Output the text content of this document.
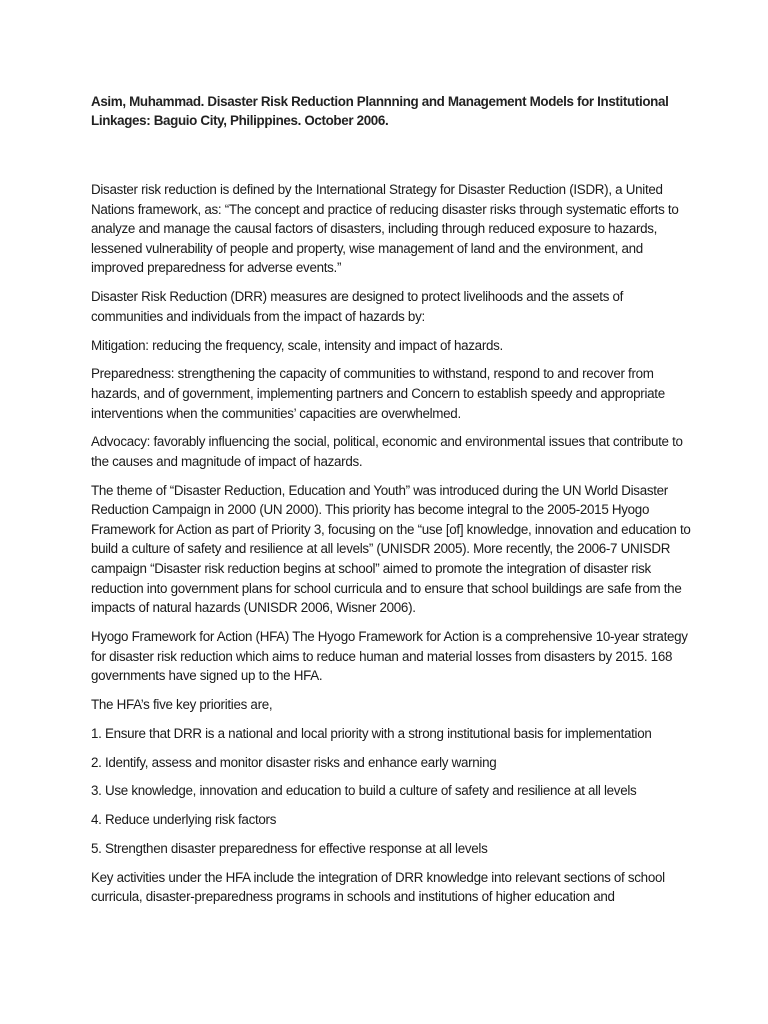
Asim, Muhammad. Disaster Risk Reduction Plannning and Management Models for Institutional Linkages: Baguio City, Philippines. October 2006.

Disaster risk reduction is defined by the International Strategy for Disaster Reduction (ISDR), a United Nations framework, as: “The concept and practice of reducing disaster risks through systematic efforts to analyze and manage the causal factors of disasters, including through reduced exposure to hazards, lessened vulnerability of people and property, wise management of land and the environment, and improved preparedness for adverse events.”

Disaster Risk Reduction (DRR) measures are designed to protect livelihoods and the assets of communities and individuals from the impact of hazards by:

Mitigation: reducing the frequency, scale, intensity and impact of hazards.

Preparedness: strengthening the capacity of communities to withstand, respond to and recover from hazards, and of government, implementing partners and Concern to establish speedy and appropriate interventions when the communities’ capacities are overwhelmed.

Advocacy: favorably influencing the social, political, economic and environmental issues that contribute to the causes and magnitude of impact of hazards.

The theme of “Disaster Reduction, Education and Youth” was introduced during the UN World Disaster Reduction Campaign in 2000 (UN 2000). This priority has become integral to the 2005-2015 Hyogo Framework for Action as part of Priority 3, focusing on the “use [of] knowledge, innovation and education to build a culture of safety and resilience at all levels” (UNISDR 2005). More recently, the 2006-7 UNISDR campaign “Disaster risk reduction begins at school” aimed to promote the integration of disaster risk reduction into government plans for school curricula and to ensure that school buildings are safe from the impacts of natural hazards (UNISDR 2006, Wisner 2006).

Hyogo Framework for Action (HFA) The Hyogo Framework for Action is a comprehensive 10-year strategy for disaster risk reduction which aims to reduce human and material losses from disasters by 2015. 168 governments have signed up to the HFA.

The HFA’s five key priorities are,

1. Ensure that DRR is a national and local priority with a strong institutional basis for implementation

2. Identify, assess and monitor disaster risks and enhance early warning

3. Use knowledge, innovation and education to build a culture of safety and resilience at all levels

4. Reduce underlying risk factors

5. Strengthen disaster preparedness for effective response at all levels

Key activities under the HFA include the integration of DRR knowledge into relevant sections of school curricula, disaster-preparedness programs in schools and institutions of higher education and
